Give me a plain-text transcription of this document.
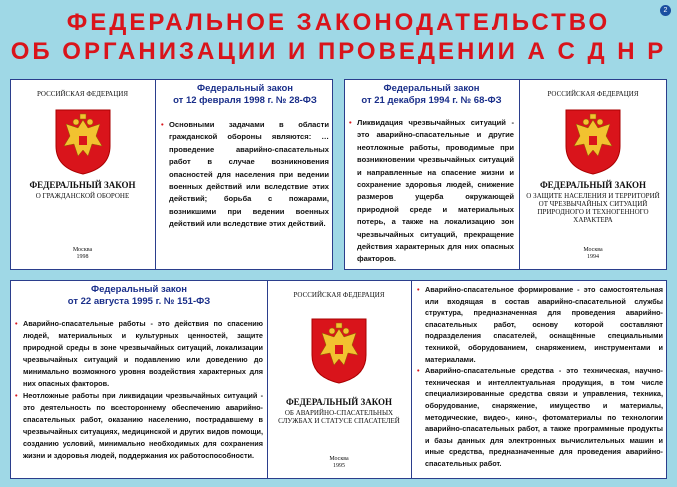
2
ФЕДЕРАЛЬНОЕ ЗАКОНОДАТЕЛЬСТВО
ОБ ОРГАНИЗАЦИИ И ПРОВЕДЕНИИ А С Д Н Р
РОССИЙСКАЯ ФЕДЕРАЦИЯ
ФЕДЕРАЛЬНЫЙ ЗАКОН
О ГРАЖДАНСКОЙ ОБОРОНЕ
Москва
1998
Федеральный закон
от 12 февраля 1998 г. № 28-ФЗ
• Основными задачами в области гражданской обороны являются: … проведение аварийно-спасательных работ в случае возникновения опасностей для населения при ведении военных действий или вследствие этих действий; борьба с пожарами, возникшими при ведении военных действий или вследствие этих действий.
Федеральный закон
от 21 декабря 1994 г. № 68-ФЗ
• Ликвидация чрезвычайных ситуаций - это аварийно-спасательные и другие неотложные работы, проводимые при возникновении чрезвычайных ситуаций и направленные на спасение жизни и сохранение здоровья людей, снижение размеров ущерба окружающей природной среде и материальных потерь, а также на локализацию зон чрезвычайных ситуаций, прекращение действия характерных для них опасных факторов.
РОССИЙСКАЯ ФЕДЕРАЦИЯ
ФЕДЕРАЛЬНЫЙ ЗАКОН
О ЗАЩИТЕ НАСЕЛЕНИЯ И ТЕРРИТОРИЙ ОТ ЧРЕЗВЫЧАЙНЫХ СИТУАЦИЙ ПРИРОДНОГО И ТЕХНОГЕННОГО ХАРАКТЕРА
Москва
1994
Федеральный закон
от 22 августа 1995 г. № 151-ФЗ
• Аварийно-спасательные работы - это действия по спасению людей, материальных и культурных ценностей, защите природной среды в зоне чрезвычайных ситуаций, локализации чрезвычайных ситуаций и подавлению или доведению до минимально возможного уровня воздействия характерных для них опасных факторов.
• Неотложные работы при ликвидации чрезвычайных ситуаций - это деятельность по всестороннему обеспечению аварийно-спасательных работ, оказанию населению, пострадавшему в чрезвычайных ситуациях, медицинской и других видов помощи, созданию условий, минимально необходимых для сохранения жизни и здоровья людей, поддержания их работоспособности.
РОССИЙСКАЯ ФЕДЕРАЦИЯ
ФЕДЕРАЛЬНЫЙ ЗАКОН
ОБ АВАРИЙНО-СПАСАТЕЛЬНЫХ СЛУЖБАХ И СТАТУСЕ СПАСАТЕЛЕЙ
Москва
1995
• Аварийно-спасательное формирование - это самостоятельная или входящая в состав аварийно-спасательной службы структура, предназначенная для проведения аварийно-спасательных работ, основу которой составляют подразделения спасателей, оснащённые специальными техникой, оборудованием, снаряжением, инструментами и материалами.
• Аварийно-спасательные средства - это техническая, научно-техническая и интеллектуальная продукция, в том числе специализированные средства связи и управления, техника, оборудование, снаряжение, имущество и материалы, методические, видео-, кино-, фотоматериалы по технологии аварийно-спасательных работ, а также программные продукты и базы данных для электронных вычислительных машин и иные средства, предназначенные для проведения аварийно-спасательных работ.
